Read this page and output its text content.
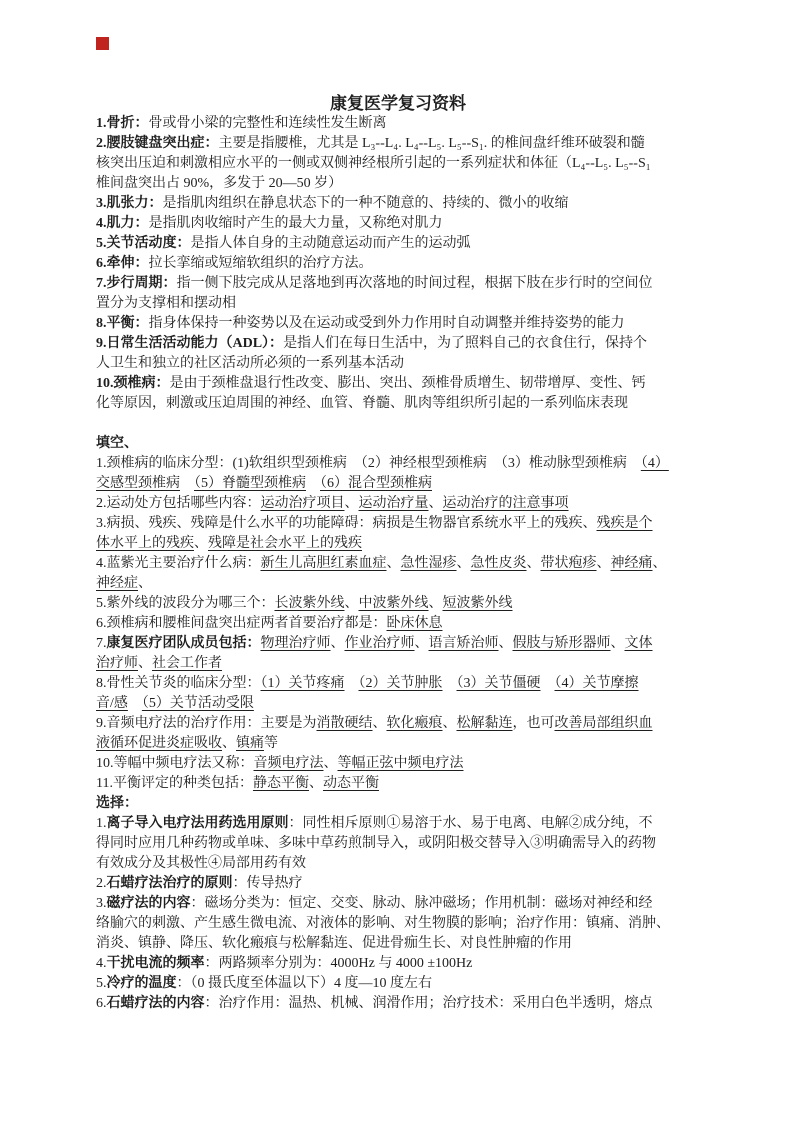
康复医学复习资料
1.骨折：骨或骨小梁的完整性和连续性发生断离
2.腰肢键盘突出症：主要是指腰椎，尤其是 L₃--L₄. L₄--L₅. L₅--S₁. 的椎间盘纤维环破裂和髓
核突出压迫和刺激相应水平的一侧或双侧神经根所引起的一系列症状和体征（L₄--L₅. L₅--S₁
椎间盘突出占 90%，多发于 20—50 岁）
3.肌张力：是指肌肉组织在静息状态下的一种不随意的、持续的、微小的收缩
4.肌力：是指肌肉收缩时产生的最大力量，又称绝对肌力
5.关节活动度：是指人体自身的主动随意运动而产生的运动弧
6.牵伸：拉长挛缩或短缩软组织的治疗方法。
7.步行周期：指一侧下肢完成从足落地到再次落地的时间过程，根据下肢在步行时的空间位
置分为支撑相和摆动相
8.平衡：指身体保持一种姿势以及在运动或受到外力作用时自动调整并维持姿势的能力
9.日常生活活动能力（ADL）：是指人们在每日生活中，为了照料自己的衣食住行，保持个
人卫生和独立的社区活动所必须的一系列基本活动
10.颈椎病：是由于颈椎盘退行性改变、膨出、突出、颈椎骨质增生、韧带增厚、变性、钙
化等原因，刺激或压迫周围的神经、血管、脊髓、肌肉等组织所引起的一系列临床表现
填空、
1.颈椎病的临床分型：(1)软组织型颈椎病　（2）神经根型颈椎病　（3）椎动脉型颈椎病　（4）
交感型颈椎病　 （5）脊髓型颈椎病　 （6）混合型颈椎病
2.运动处方包括哪些内容：运动治疗项目、运动治疗量、运动治疗的注意事项
3.病损、残疾、残障是什么水平的功能障碍：病损是生物器官系统水平上的残疾、残疾是个
体水平上的残疾、残障是社会水平上的残疾
4.蓝紫光主要治疗什么病：新生儿高胆红素血症、急性湿疹、急性皮炎、带状疱疹、神经痛、
神经症、
5.紫外线的波段分为哪三个：长波紫外线、中波紫外线、短波紫外线
6.颈椎病和腰椎间盘突出症两者首要治疗都是：卧床休息
7.康复医疗团队成员包括：物理治疗师、作业治疗师、语言矫治师、假肢与矫形器师、文体
治疗师、社会工作者
8.骨性关节炎的临床分型：（1）关节疼痛　 （2）关节肿胀　 （3）关节僵硬　 （4）关节摩擦
音/感　 （5）关节活动受限
9.音频电疗法的治疗作用：主要是为消散硬结、软化瘢痕、松解黏连，也可改善局部组织血
液循环促进炎症吸收、镇痛等
10.等幅中频电疗法又称：音频电疗法、等幅正弦中频电疗法
11.平衡评定的种类包括：静态平衡、动态平衡
选择：
1.离子导入电疗法用药选用原则：同性相斥原则①易溶于水、易于电离、电解②成分纯，不
得同时应用几种药物或单味、多味中草药煎制导入，或阴阳极交替导入③明确需导入的药物
有效成分及其极性④局部用药有效
2.石蜡疗法治疗的原则：传导热疗
3.磁疗法的内容：磁场分类为：恒定、交变、脉动、脉冲磁场；作用机制：磁场对神经和经
络腧穴的刺激、产生感生微电流、对液体的影响、对生物膜的影响；治疗作用：镇痛、消肿、
消炎、镇静、降压、软化瘢痕与松解黏连、促进骨痂生长、对良性肿瘤的作用
4.干扰电流的频率：两路频率分别为：4000Hz 与 4000 ±100Hz
5.冷疗的温度：（0 摄氏度至体温以下）4 度—10 度左右
6.石蜡疗法的内容：治疗作用：温热、机械、润滑作用；治疗技术：采用白色半透明，熔点
